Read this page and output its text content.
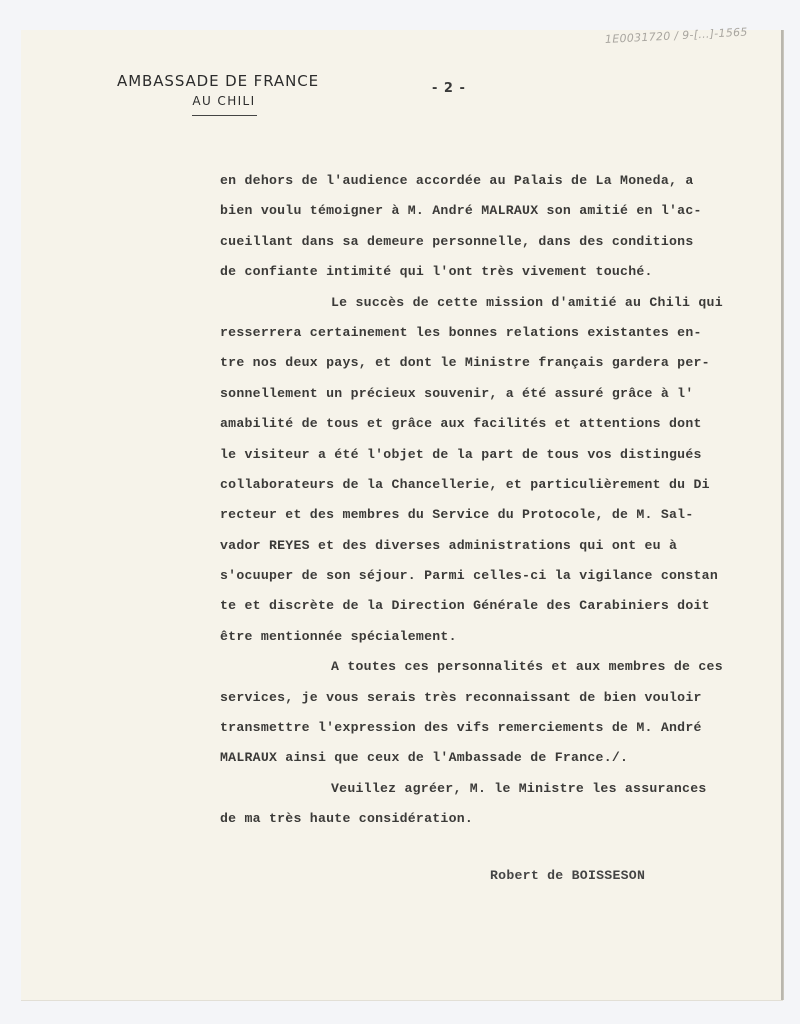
1E0031720 / 9-[...]-1565
AMBASSADE DE FRANCE
AU CHILI
- 2 -
en dehors de l'audience accordée au Palais de La Moneda, a
bien voulu témoigner à M. André MALRAUX son amitié en l'ac-
cueillant dans sa demeure personnelle, dans des conditions
de confiante intimité qui l'ont très vivement touché.
Le succès de cette mission d'amitié au Chili qui
resserrera certainement les bonnes relations existantes en-
tre nos deux pays, et dont le Ministre français gardera per-
sonnellement un précieux souvenir, a été assuré grâce à l'
amabilité de tous et grâce aux facilités et attentions dont
le visiteur a été l'objet de la part de tous vos distingués
collaborateurs de la Chancellerie, et particulièrement du Di
recteur et des membres du Service du Protocole, de M. Sal-
vador REYES et des diverses administrations qui ont eu à
s'ocuuper de son séjour. Parmi celles-ci la vigilance constan
te et discrète de la Direction Générale des Carabiniers doit
être mentionnée spécialement.
A toutes ces personnalités et aux membres de ces
services, je vous serais très reconnaissant de bien vouloir
transmettre l'expression des vifs remerciements de M. André
MALRAUX ainsi que ceux de l'Ambassade de France./.
Veuillez agréer, M. le Ministre les assurances
de ma très haute considération.
Robert de BOISSESON
